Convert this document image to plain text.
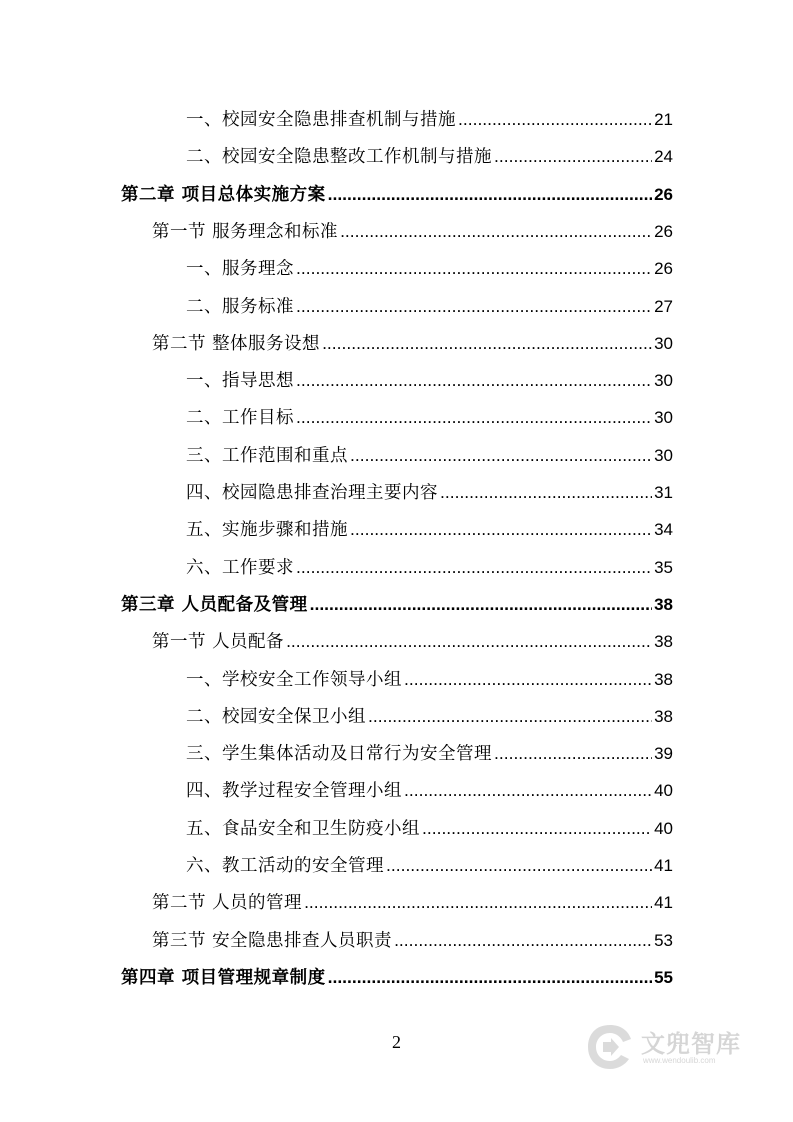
一、校园安全隐患排查机制与措施 .....	21
二、校园安全隐患整改工作机制与措施 .....	24
第二章 项目总体实施方案 .....	26
第一节 服务理念和标准 .....	26
一、服务理念 .....	26
二、服务标准 .....	27
第二节 整体服务设想 .....	30
一、指导思想 .....	30
二、工作目标 .....	30
三、工作范围和重点 .....	30
四、校园隐患排查治理主要内容 .....	31
五、实施步骤和措施 .....	34
六、工作要求 .....	35
第三章 人员配备及管理 .....	38
第一节 人员配备 .....	38
一、学校安全工作领导小组 .....	38
二、校园安全保卫小组 .....	38
三、学生集体活动及日常行为安全管理 .....	39
四、教学过程安全管理小组 .....	40
五、食品安全和卫生防疫小组 .....	40
六、教工活动的安全管理 .....	41
第二节 人员的管理 .....	41
第三节 安全隐患排查人员职责 .....	53
第四章 项目管理规章制度 .....	55
2	文兜智库
www.wendoulib.com
